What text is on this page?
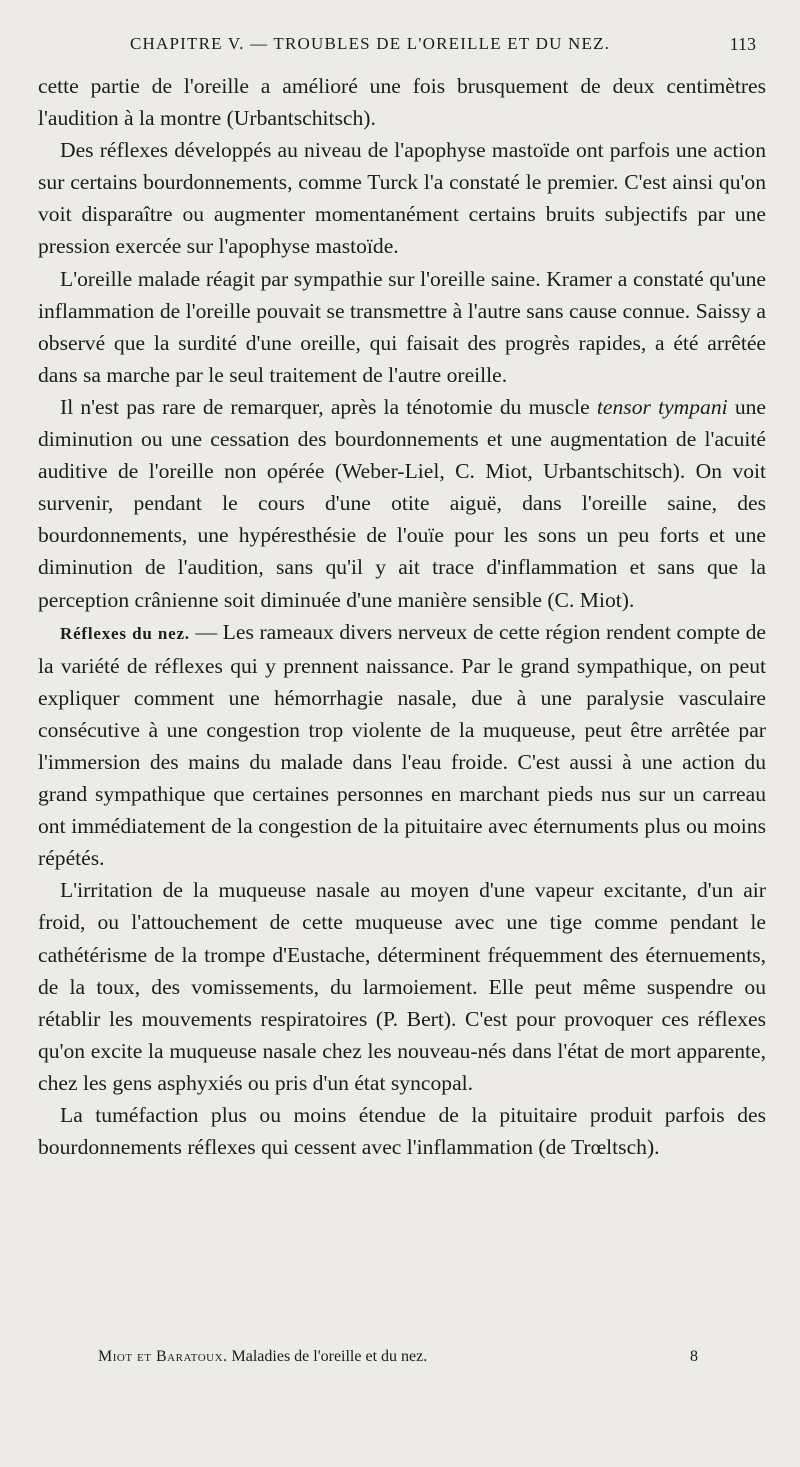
CHAPITRE V. — TROUBLES DE L'OREILLE ET DU NEZ.	113

cette partie de l'oreille a amélioré une fois brusquement de deux centimètres l'audition à la montre (Urbantschitsch).

Des réflexes développés au niveau de l'apophyse mastoïde ont parfois une action sur certains bourdonnements, comme Turck l'a constaté le premier. C'est ainsi qu'on voit disparaître ou augmenter momentanément certains bruits subjectifs par une pression exercée sur l'apophyse mastoïde.

L'oreille malade réagit par sympathie sur l'oreille saine. Kramer a constaté qu'une inflammation de l'oreille pouvait se transmettre à l'autre sans cause connue. Saissy a observé que la surdité d'une oreille, qui faisait des progrès rapides, a été arrêtée dans sa marche par le seul traitement de l'autre oreille.

Il n'est pas rare de remarquer, après la ténotomie du muscle tensor tympani une diminution ou une cessation des bourdonnements et une augmentation de l'acuité auditive de l'oreille non opérée (Weber-Liel, C. Miot, Urbantschitsch). On voit survenir, pendant le cours d'une otite aiguë, dans l'oreille saine, des bourdonnements, une hypéresthésie de l'ouïe pour les sons un peu forts et une diminution de l'audition, sans qu'il y ait trace d'inflammation et sans que la perception crânienne soit diminuée d'une manière sensible (C. Miot).

Réflexes du nez. — Les rameaux divers nerveux de cette région rendent compte de la variété de réflexes qui y prennent naissance. Par le grand sympathique, on peut expliquer comment une hémorrhagie nasale, due à une paralysie vasculaire consécutive à une congestion trop violente de la muqueuse, peut être arrêtée par l'immersion des mains du malade dans l'eau froide. C'est aussi à une action du grand sympathique que certaines personnes en marchant pieds nus sur un carreau ont immédiatement de la congestion de la pituitaire avec éternuments plus ou moins répétés.

L'irritation de la muqueuse nasale au moyen d'une vapeur excitante, d'un air froid, ou l'attouchement de cette muqueuse avec une tige comme pendant le cathétérisme de la trompe d'Eustache, déterminent fréquemment des éternuements, de la toux, des vomissements, du larmoiement. Elle peut même suspendre ou rétablir les mouvements respiratoires (P. Bert). C'est pour provoquer ces réflexes qu'on excite la muqueuse nasale chez les nouveau-nés dans l'état de mort apparente, chez les gens asphyxiés ou pris d'un état syncopal.

La tuméfaction plus ou moins étendue de la pituitaire produit parfois des bourdonnements réflexes qui cessent avec l'inflammation (de Trœltsch).

Miot et Baratoux. Maladies de l'oreille et du nez.	8
